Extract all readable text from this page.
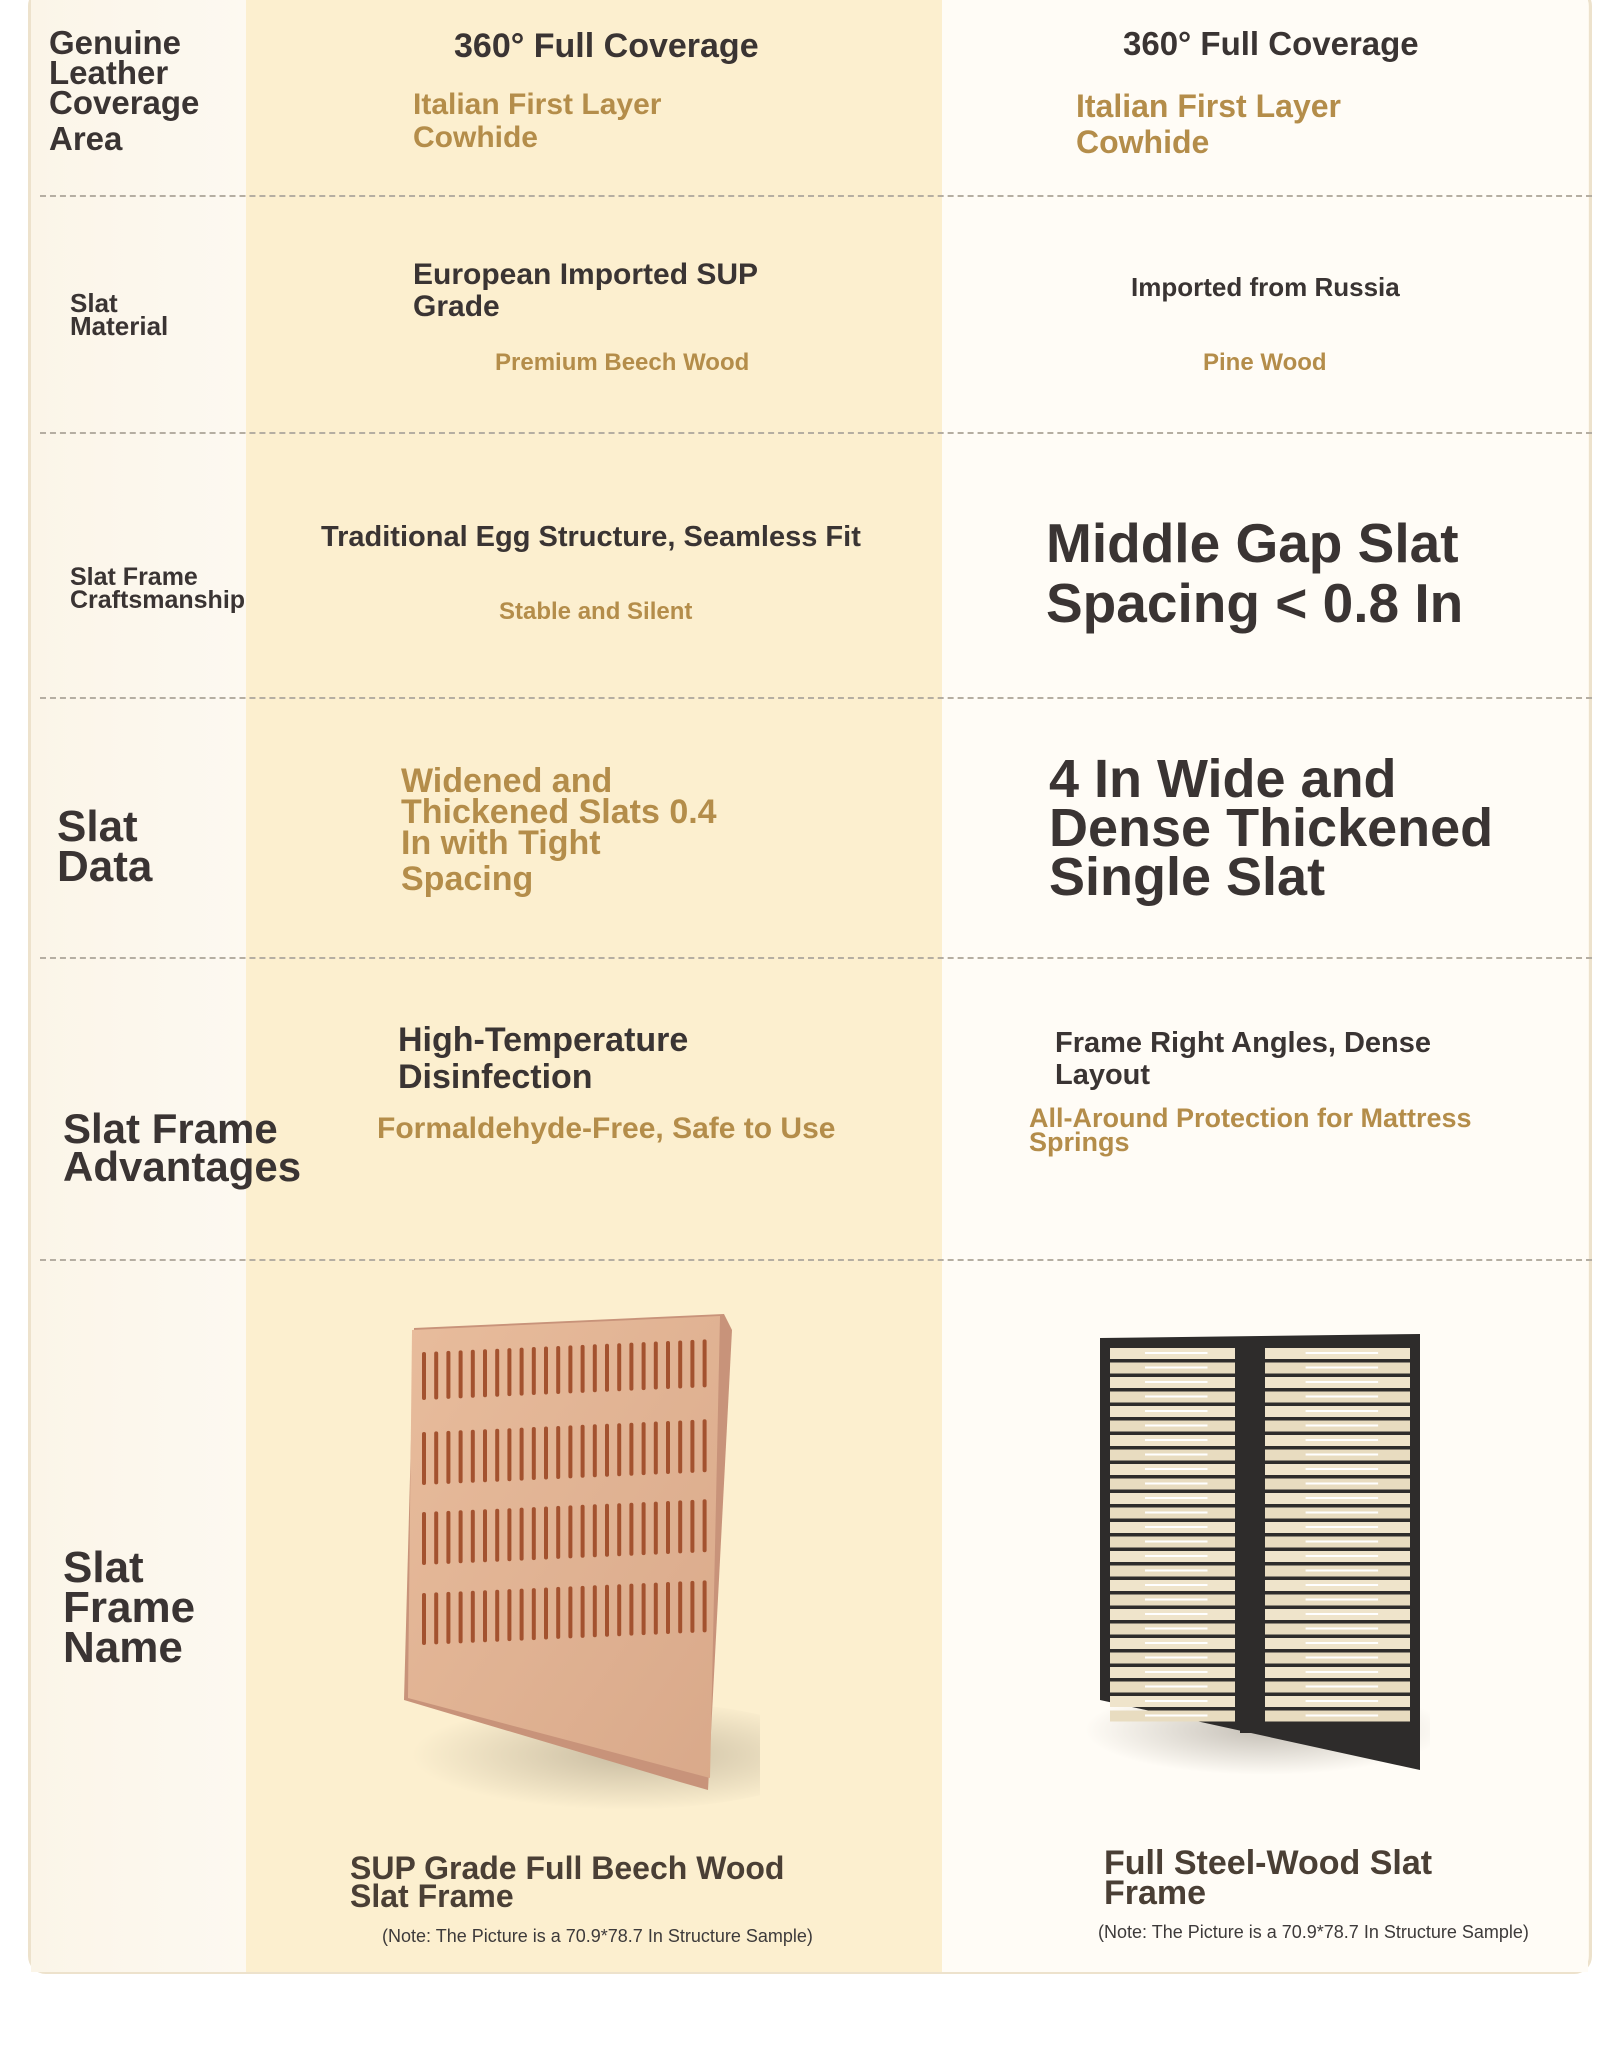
Genuine
Leather
Coverage
Area
360° Full Coverage
Italian First Layer
Cowhide
360° Full Coverage
Italian First Layer
Cowhide
Slat
Material
European Imported SUP
Grade
Premium Beech Wood
Imported from Russia
Pine Wood
Slat Frame
Craftsmanship
Traditional Egg Structure, Seamless Fit
Stable and Silent
Middle Gap Slat
Spacing < 0.8 In
Slat
Data
Widened and
Thickened Slats 0.4
In with Tight
Spacing
4 In Wide and
Dense Thickened
Single Slat
Slat Frame
Advantages
High-Temperature
Disinfection
Formaldehyde-Free, Safe to Use
Frame Right Angles, Dense
Layout
All-Around Protection for Mattress
Springs
Slat
Frame
Name
SUP Grade Full Beech Wood
Slat Frame
(Note: The Picture is a 70.9*78.7 In Structure Sample)
Full Steel-Wood Slat
Frame
(Note: The Picture is a 70.9*78.7 In Structure Sample)
